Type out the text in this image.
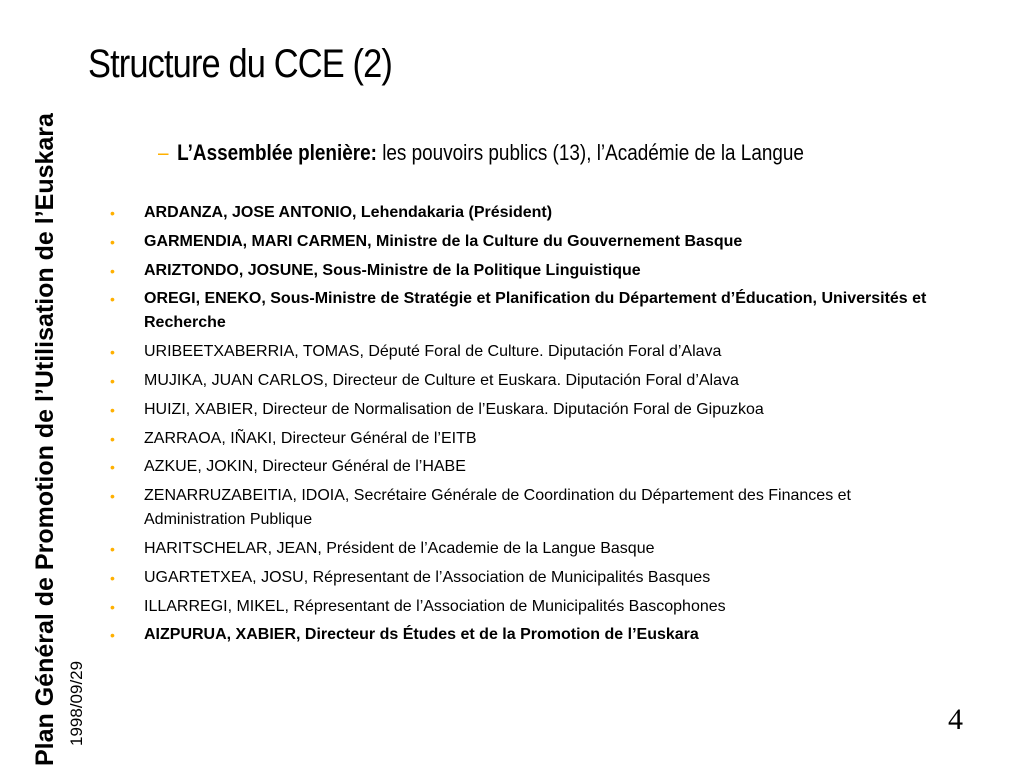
Plan Général de Promotion de l’Utilisation de l’Euskara 1998/09/29
Structure du CCE (2)
– L’Assemblée plenière: les pouvoirs publics (13), l’Académie de la Langue
•	ARDANZA, JOSE ANTONIO, Lehendakaria (Président)
•	GARMENDIA, MARI CARMEN, Ministre de la Culture du Gouvernement Basque
•	ARIZTONDO, JOSUNE, Sous-Ministre de la Politique Linguistique
•	OREGI, ENEKO, Sous-Ministre de Stratégie et Planification du Département d’Éducation, Universités et Recherche
•	URIBEETXABERRIA, TOMAS, Député Foral de Culture. Diputación Foral d’Alava
•	MUJIKA, JUAN CARLOS, Directeur de Culture et Euskara. Diputación Foral d’Alava
•	HUIZI, XABIER, Directeur de Normalisation de l’Euskara. Diputación Foral de Gipuzkoa
•	ZARRAOA, IÑAKI, Directeur Général de l’EITB
•	AZKUE, JOKIN, Directeur Général de l’HABE
•	ZENARRUZABEITIA, IDOIA, Secrétaire Générale de Coordination du Département des Finances et Administration Publique
•	HARITSCHELAR, JEAN, Président de l’Academie de la Langue Basque
•	UGARTETXEA, JOSU, Répresentant de l’Association de Municipalités Basques
•	ILLARREGI, MIKEL, Répresentant de l’Association de Municipalités Bascophones
•	AIZPURUA, XABIER, Directeur ds Études et de la Promotion de l’Euskara
4
